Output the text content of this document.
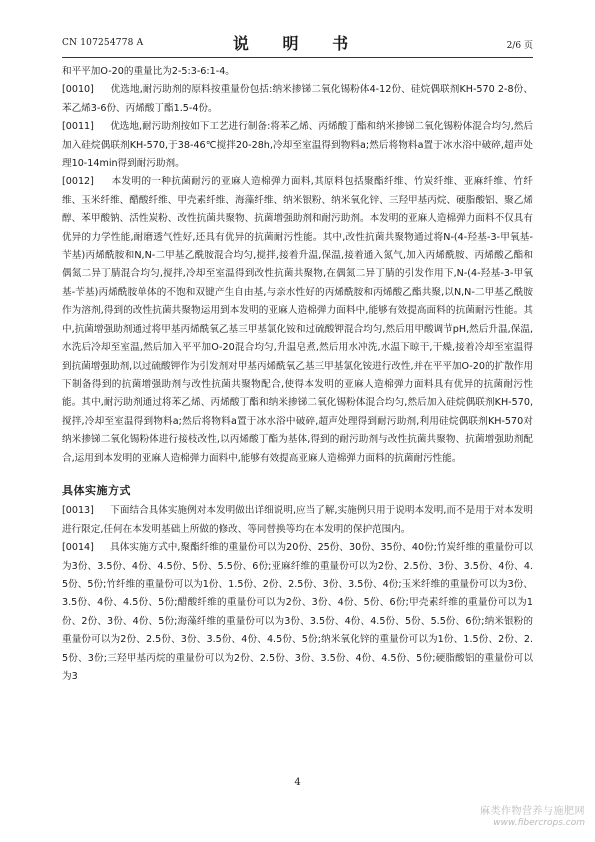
CN 107254778 A	说 明 书	2/6 页

和平平加O-20的重量比为2-5:3-6:1-4。

[0010] 优选地,耐污助剂的原料按重量份包括:纳米掺锑二氧化锡粉体4-12份、硅烷偶联剂KH-570 2-8份、苯乙烯3-6份、丙烯酸丁酯1.5-4份。

[0011] 优选地,耐污助剂按如下工艺进行制备:将苯乙烯、丙烯酸丁酯和纳米掺锑二氧化锡粉体混合均匀,然后加入硅烷偶联剂KH-570,于38-46℃搅拌20-28h,冷却至室温得到物料a;然后将物料a置于冰水浴中破碎,超声处理10-14min得到耐污助剂。

[0012] 本发明的一种抗菌耐污的亚麻人造棉弹力面料,其原料包括聚酯纤维、竹炭纤维、亚麻纤维、竹纤维、玉米纤维、醋酸纤维、甲壳素纤维、海藻纤维、纳米银粉、纳米氧化锌、三羟甲基丙烷、硬脂酸铝、聚乙烯醇、苯甲酸钠、活性炭粉、改性抗菌共聚物、抗菌增强助剂和耐污助剂。本发明的亚麻人造棉弹力面料不仅具有优异的力学性能,耐磨透气性好,还具有优异的抗菌耐污性能。其中,改性抗菌共聚物通过将N-(4-羟基-3-甲氧基-苄基)丙烯酰胺和N,N-二甲基乙酰胺混合均匀,搅拌,接着升温,保温,接着通入氮气,加入丙烯酰胺、丙烯酸乙酯和偶氮二异丁腈混合均匀,搅拌,冷却至室温得到改性抗菌共聚物,在偶氮二异丁腈的引发作用下,N-(4-羟基-3-甲氧基-苄基)丙烯酰胺单体的不饱和双键产生自由基,与亲水性好的丙烯酰胺和丙烯酸乙酯共聚,以N,N-二甲基乙酰胺作为溶剂,得到的改性抗菌共聚物运用到本发明的亚麻人造棉弹力面料中,能够有效提高面料的抗菌耐污性能。其中,抗菌增强助剂通过将甲基丙烯酰氧乙基三甲基氯化铵和过硫酸钾混合均匀,然后用甲酸调节pH,然后升温,保温,水洗后冷却至室温,然后加入平平加O-20混合均匀,升温皂煮,然后用水冲洗,水温下晾干,干燥,接着冷却至室温得到抗菌增强助剂,以过硫酸钾作为引发剂对甲基丙烯酰氧乙基三甲基氯化铵进行改性,并在平平加O-20的扩散作用下制备得到的抗菌增强助剂与改性抗菌共聚物配合,使得本发明的亚麻人造棉弹力面料具有优异的抗菌耐污性能。其中,耐污助剂通过将苯乙烯、丙烯酸丁酯和纳米掺锑二氧化锡粉体混合均匀,然后加入硅烷偶联剂KH-570,搅拌,冷却至室温得到物料a;然后将物料a置于冰水浴中破碎,超声处理得到耐污助剂,利用硅烷偶联剂KH-570对纳米掺锑二氧化锡粉体进行接枝改性,以丙烯酸丁酯为基体,得到的耐污助剂与改性抗菌共聚物、抗菌增强助剂配合,运用到本发明的亚麻人造棉弹力面料中,能够有效提高亚麻人造棉弹力面料的抗菌耐污性能。

具体实施方式

[0013] 下面结合具体实施例对本发明做出详细说明,应当了解,实施例只用于说明本发明,而不是用于对本发明进行限定,任何在本发明基础上所做的修改、等同替换等均在本发明的保护范围内。

[0014] 具体实施方式中,聚酯纤维的重量份可以为20份、25份、30份、35份、40份;竹炭纤维的重量份可以为3份、3.5份、4份、4.5份、5份、5.5份、6份;亚麻纤维的重量份可以为2份、2.5份、3份、3.5份、4份、4.5份、5份;竹纤维的重量份可以为1份、1.5份、2份、2.5份、3份、3.5份、4份;玉米纤维的重量份可以为3份、3.5份、4份、4.5份、5份;醋酸纤维的重量份可以为2份、3份、4份、5份、6份;甲壳素纤维的重量份可以为1份、2份、3份、4份、5份;海藻纤维的重量份可以为3份、3.5份、4份、4.5份、5份、5.5份、6份;纳米银粉的重量份可以为2份、2.5份、3份、3.5份、4份、4.5份、5份;纳米氧化锌的重量份可以为1份、1.5份、2份、2.5份、3份;三羟甲基丙烷的重量份可以为2份、2.5份、3份、3.5份、4份、4.5份、5份;硬脂酸铝的重量份可以为3

4
麻类作物营养与施肥网
www.fibercrops.com
